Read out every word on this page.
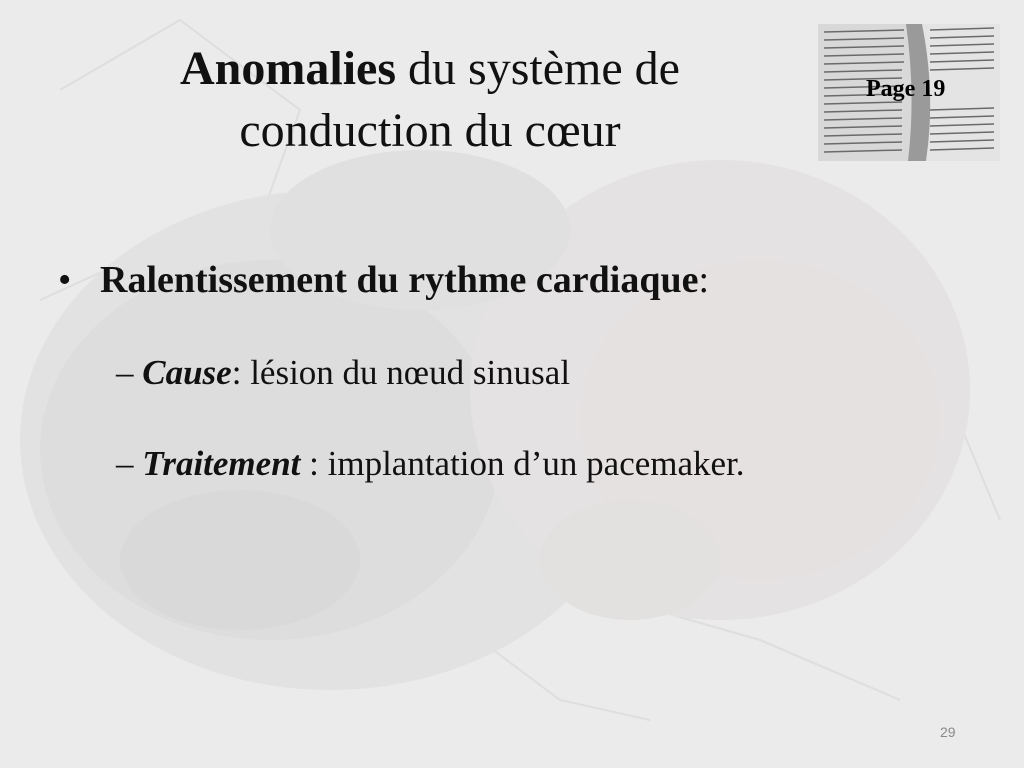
Anomalies du système de
conduction du cœur
Page 19
• Ralentissement du rythme cardiaque:
– Cause: lésion du nœud sinusal
– Traitement : implantation d’un pacemaker.
29
